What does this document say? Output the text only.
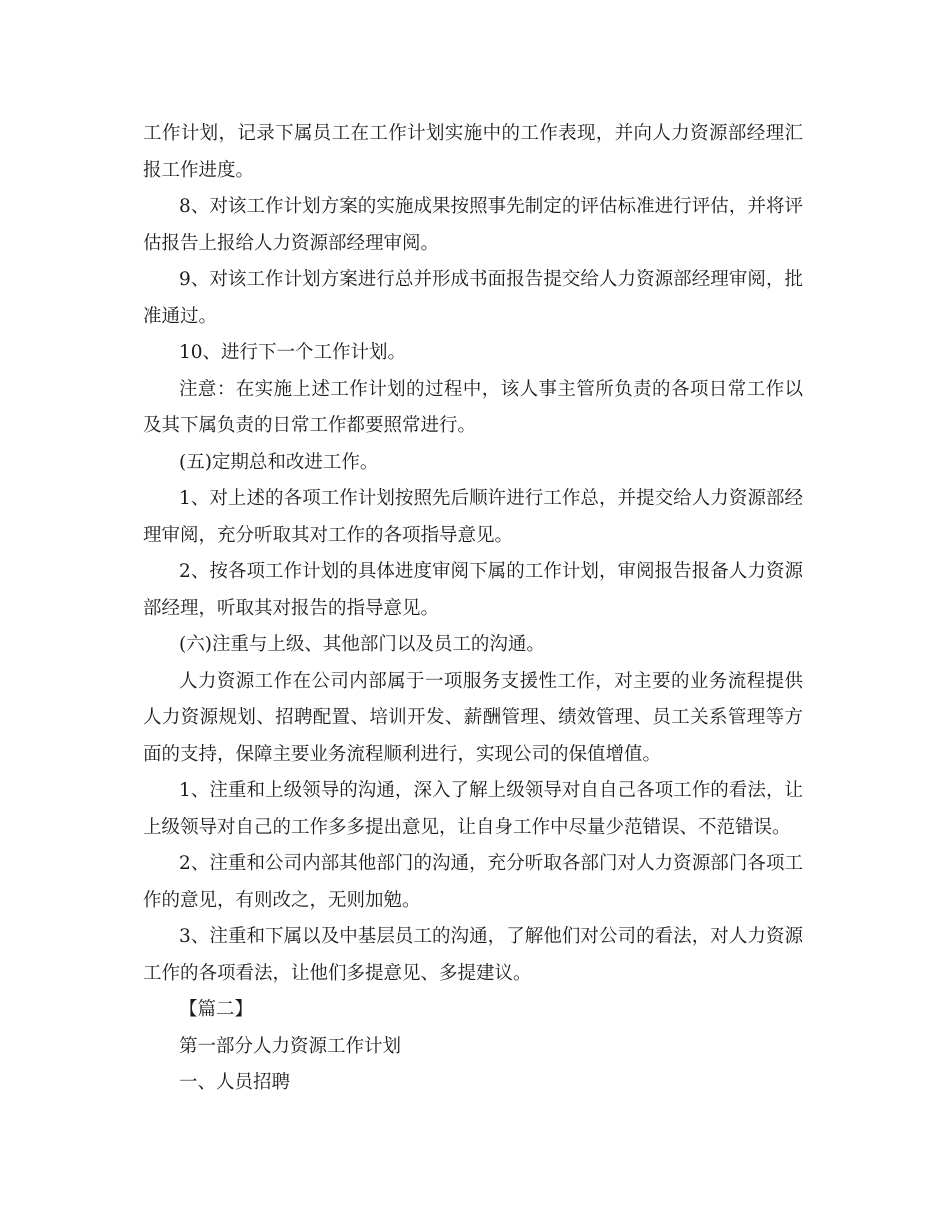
工作计划，记录下属员工在工作计划实施中的工作表现，并向人力资源部经理汇报工作进度。

8、对该工作计划方案的实施成果按照事先制定的评估标准进行评估，并将评估报告上报给人力资源部经理审阅。

9、对该工作计划方案进行总并形成书面报告提交给人力资源部经理审阅，批准通过。

10、进行下一个工作计划。

注意：在实施上述工作计划的过程中，该人事主管所负责的各项日常工作以及其下属负责的日常工作都要照常进行。

(五)定期总和改进工作。

1、对上述的各项工作计划按照先后顺许进行工作总，并提交给人力资源部经理审阅，充分听取其对工作的各项指导意见。

2、按各项工作计划的具体进度审阅下属的工作计划，审阅报告报备人力资源部经理，听取其对报告的指导意见。

(六)注重与上级、其他部门以及员工的沟通。

人力资源工作在公司内部属于一项服务支援性工作，对主要的业务流程提供人力资源规划、招聘配置、培训开发、薪酬管理、绩效管理、员工关系管理等方面的支持，保障主要业务流程顺利进行，实现公司的保值增值。

1、注重和上级领导的沟通，深入了解上级领导对自自己各项工作的看法，让上级领导对自己的工作多多提出意见，让自身工作中尽量少范错误、不范错误。

2、注重和公司内部其他部门的沟通，充分听取各部门对人力资源部门各项工作的意见，有则改之，无则加勉。

3、注重和下属以及中基层员工的沟通，了解他们对公司的看法，对人力资源工作的各项看法，让他们多提意见、多提建议。

【篇二】

第一部分人力资源工作计划

一、人员招聘
